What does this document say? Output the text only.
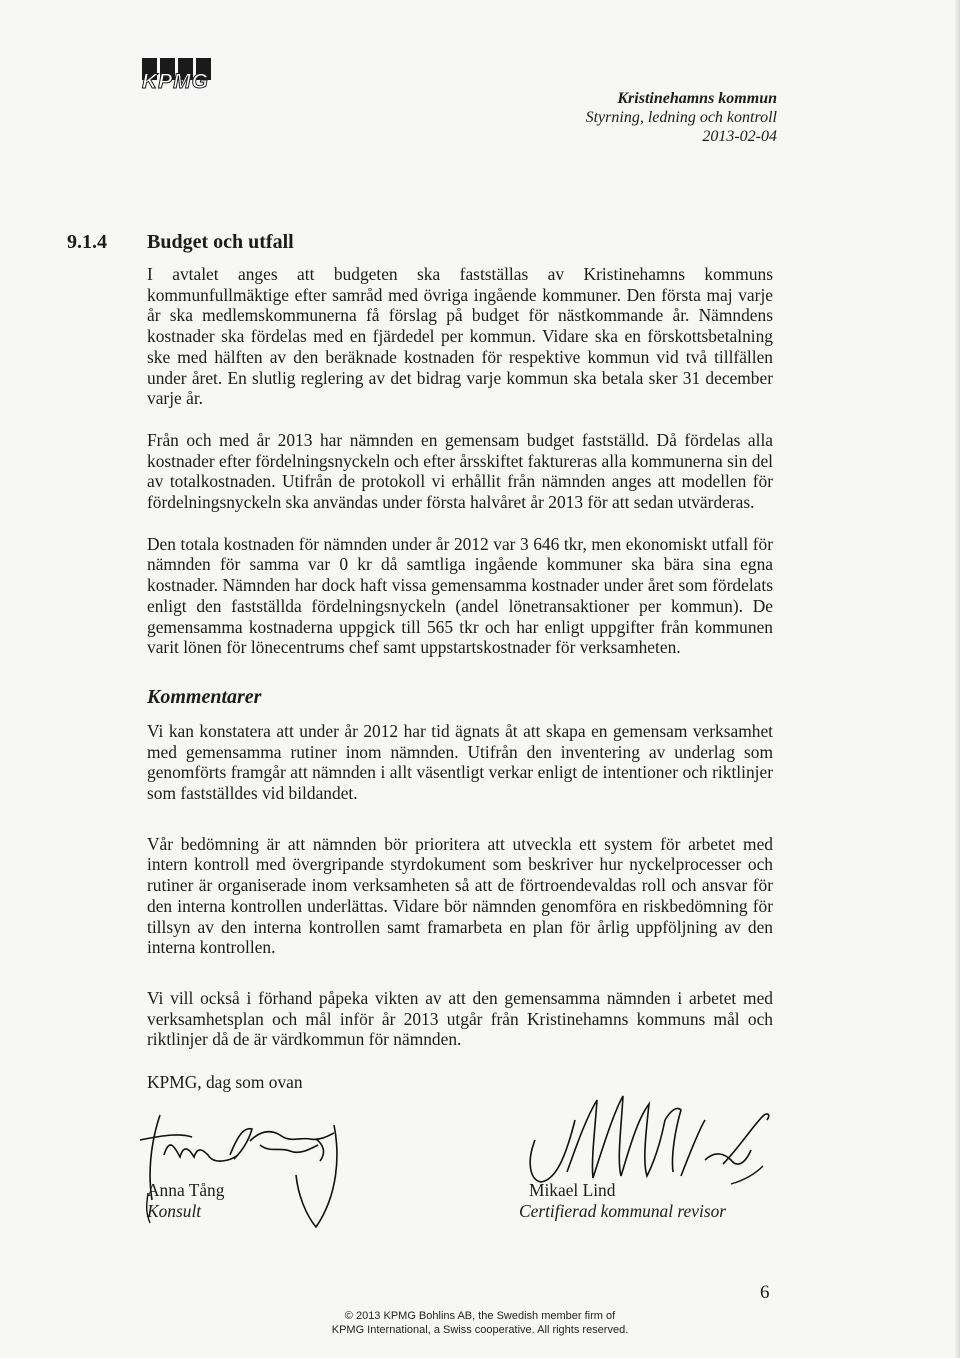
KPMG
Kristinehamns kommun
Styrning, ledning och kontroll
2013-02-04
9.1.4 Budget och utfall

I avtalet anges att budgeten ska fastställas av Kristinehamns kommuns kommunfullmäktige efter samråd med övriga ingående kommuner. Den första maj varje år ska medlemskommunerna få förslag på budget för nästkommande år. Nämndens kostnader ska fördelas med en fjärdedel per kommun. Vidare ska en förskottsbetalning ske med hälften av den beräknade kostnaden för respektive kommun vid två tillfällen under året. En slutlig reglering av det bidrag varje kommun ska betala sker 31 december varje år.

Från och med år 2013 har nämnden en gemensam budget fastställd. Då fördelas alla kostnader efter fördelningsnyckeln och efter årsskiftet faktureras alla kommunerna sin del av totalkostnaden. Utifrån de protokoll vi erhållit från nämnden anges att modellen för fördelningsnyckeln ska användas under första halvåret år 2013 för att sedan utvärderas.

Den totala kostnaden för nämnden under år 2012 var 3 646 tkr, men ekonomiskt utfall för nämnden för samma var 0 kr då samtliga ingående kommuner ska bära sina egna kostnader. Nämnden har dock haft vissa gemensamma kostnader under året som fördelats enligt den fastställda fördelningsnyckeln (andel lönetransaktioner per kommun). De gemensamma kostnaderna uppgick till 565 tkr och har enligt uppgifter från kommunen varit lönen för lönecentrums chef samt uppstartskostnader för verksamheten.

Kommentarer

Vi kan konstatera att under år 2012 har tid ägnats åt att skapa en gemensam verksamhet med gemensamma rutiner inom nämnden. Utifrån den inventering av underlag som genomförts framgår att nämnden i allt väsentligt verkar enligt de intentioner och riktlinjer som fastställdes vid bildandet.

Vår bedömning är att nämnden bör prioritera att utveckla ett system för arbetet med intern kontroll med övergripande styrdokument som beskriver hur nyckelprocesser och rutiner är organiserade inom verksamheten så att de förtroendevaldas roll och ansvar för den interna kontrollen underlättas. Vidare bör nämnden genomföra en riskbedömning för tillsyn av den interna kontrollen samt framarbeta en plan för årlig uppföljning av den interna kontrollen.

Vi vill också i förhand påpeka vikten av att den gemensamma nämnden i arbetet med verksamhetsplan och mål inför år 2013 utgår från Kristinehamns kommuns mål och riktlinjer då de är värdkommun för nämnden.

KPMG, dag som ovan

Anna Tång
Konsult
Mikael Lind
Certifierad kommunal revisor
6
© 2013 KPMG Bohlins AB, the Swedish member firm of
KPMG International, a Swiss cooperative. All rights reserved.
